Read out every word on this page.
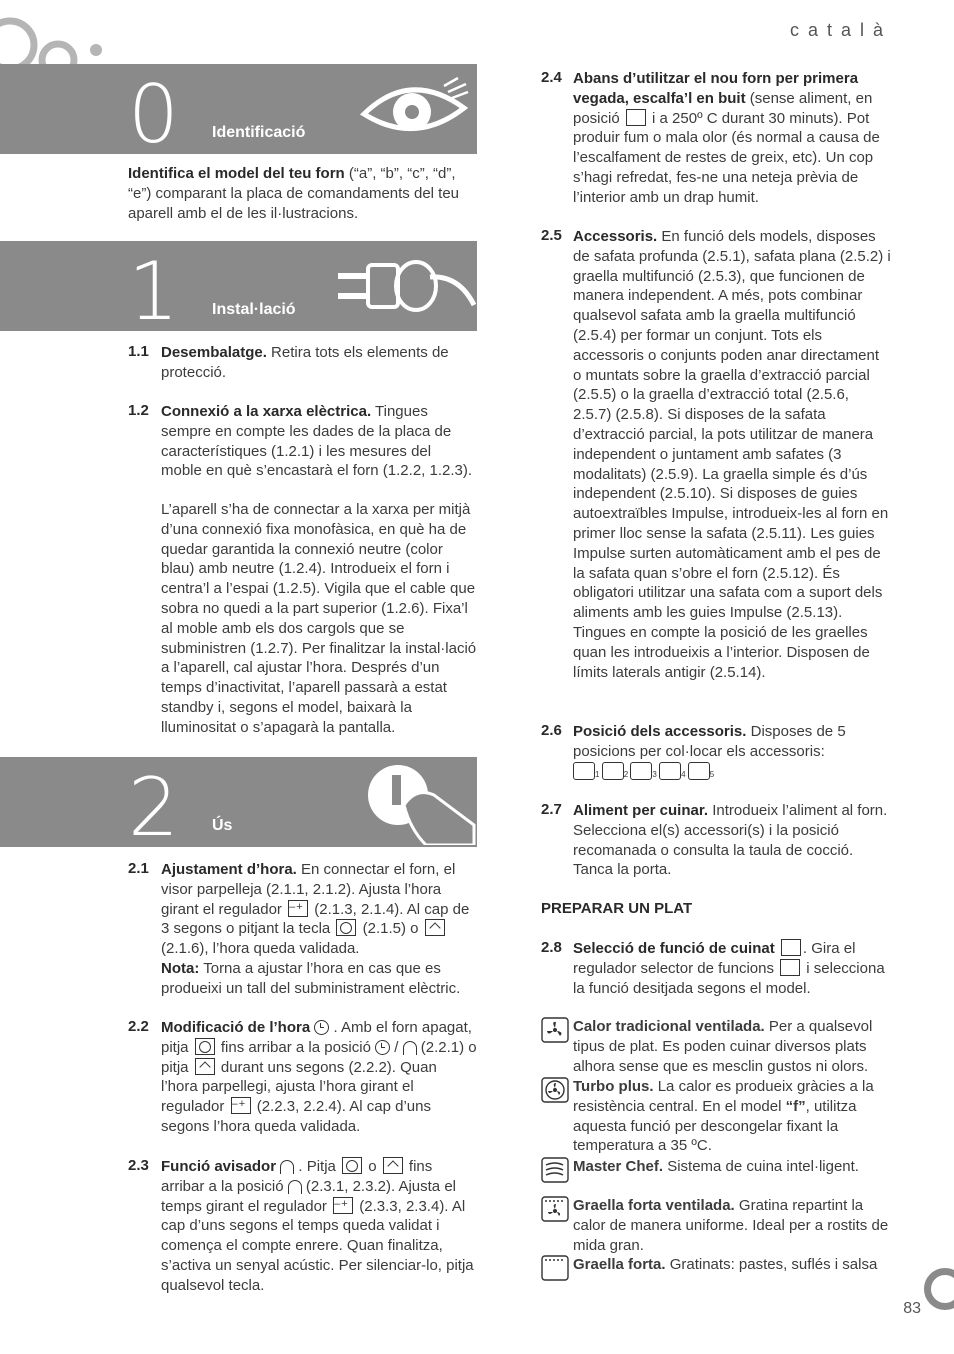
català
0 Identificació
Identifica el model del teu forn (“a”, “b”, “c”, “d”, “e”) comparant la placa de comandaments del teu aparell amb el de les il·lustracions.
1 Instal·lació
1.1 Desembalatge. Retira tots els elements de protecció.
1.2 Connexió a la xarxa elèctrica. Tingues sempre en compte les dades de la placa de característiques (1.2.1) i les mesures del moble en què s’encastarà el forn (1.2.2, 1.2.3).
L’aparell s’ha de connectar a la xarxa per mitjà d’una connexió fixa monofàsica, en què ha de quedar garantida la connexió neutre (color blau) amb neutre (1.2.4). Introdueix el forn i centra’l a l’espai (1.2.5). Vigila que el cable que sobra no quedi a la part superior (1.2.6). Fixa’l al moble amb els dos cargols que se subministren (1.2.7). Per finalitzar la instal·lació a l’aparell, cal ajustar l’hora. Després d’un temps d’inactivitat, l’aparell passarà a estat standby i, segons el model, baixarà la lluminositat o s’apagarà la pantalla.
2 Ús
2.1 Ajustament d’hora. En connectar el forn, el visor parpelleja (2.1.1, 2.1.2). Ajusta l’hora girant el regulador – + (2.1.3, 2.1.4). Al cap de 3 segons o pitjant la tecla  (2.1.5) o  (2.1.6), l’hora queda validada.
Nota: Torna a ajustar l’hora en cas que es produeixi un tall del subministrament elèctric.
2.2 Modificació de l’hora  . Amb el forn apagat, pitja  fins arribar a la posició  /  (2.2.1) o pitja  durant uns segons (2.2.2). Quan l’hora parpellegi, ajusta l’hora girant el regulador – + (2.2.3, 2.2.4). Al cap d’uns segons l’hora queda validada.
2.3 Funció avisador  . Pitja  o  fins arribar a la posició  (2.3.1, 2.3.2). Ajusta el temps girant el regulador – + (2.3.3, 2.3.4). Al cap d’uns segons el temps queda validat i comença el compte enrere. Quan finalitza, s’activa un senyal acústic. Per silenciar-lo, pitja qualsevol tecla.
2.4 Abans d’utilitzar el nou forn per primera vegada, escalfa’l en buit (sense aliment, en posició  i a 250º C durant 30 minuts). Pot produir fum o mala olor (és normal a causa de l’escalfament de restes de greix, etc). Un cop s’hagi refredat, fes-ne una neteja prèvia de l’interior amb un drap humit.
2.5 Accessoris. En funció dels models, disposes de safata profunda (2.5.1), safata plana (2.5.2) i graella multifunció (2.5.3), que funcionen de manera independent. A més, pots combinar qualsevol safata amb la graella multifunció (2.5.4) per formar un conjunt. Tots els accessoris o conjunts poden anar directament o muntats sobre la graella d’extracció parcial (2.5.5) o la graella d’extracció total (2.5.6, 2.5.7) (2.5.8). Si disposes de la safata d’extracció parcial, la pots utilitzar de manera independent o juntament amb safates (3 modalitats) (2.5.9). La graella simple és d’ús independent (2.5.10). Si disposes de guies autoextraïbles Impulse, introdueix-les al forn en primer lloc sense la safata (2.5.11). Les guies Impulse surten automàticament amb el pes de la safata quan s’obre el forn (2.5.12). És obligatori utilitzar una safata com a suport dels aliments amb les guies Impulse (2.5.13). Tingues en compte la posició de les graelles quan les introdueixis a l’interior. Disposen de límits laterals antigir (2.5.14).
2.6 Posició dels accessoris. Disposes de 5 posicions per col·locar els accessoris:
1	2	3	4	5
2.7 Aliment per cuinar. Introdueix l’aliment al forn. Selecciona el(s) accessori(s) i la posició recomanada o consulta la taula de cocció. Tanca la porta.
PREPARAR UN PLAT
2.8 Selecció de funció de cuinat . Gira el regulador selector de funcions  i selecciona la funció desitjada segons el model.
Calor tradicional ventilada. Per a qualsevol tipus de plat. Es poden cuinar diversos plats alhora sense que es mesclin gustos ni olors.
Turbo plus. La calor es produeix gràcies a la resistència central. En el model “f”, utilitza aquesta funció per descongelar fixant la temperatura a 35 ºC.
Master Chef. Sistema de cuina intel·ligent.
Graella forta ventilada. Gratina repartint la calor de manera uniforme. Ideal per a rostits de mida gran.
Graella forta. Gratinats: pastes, suflés i salsa
83
